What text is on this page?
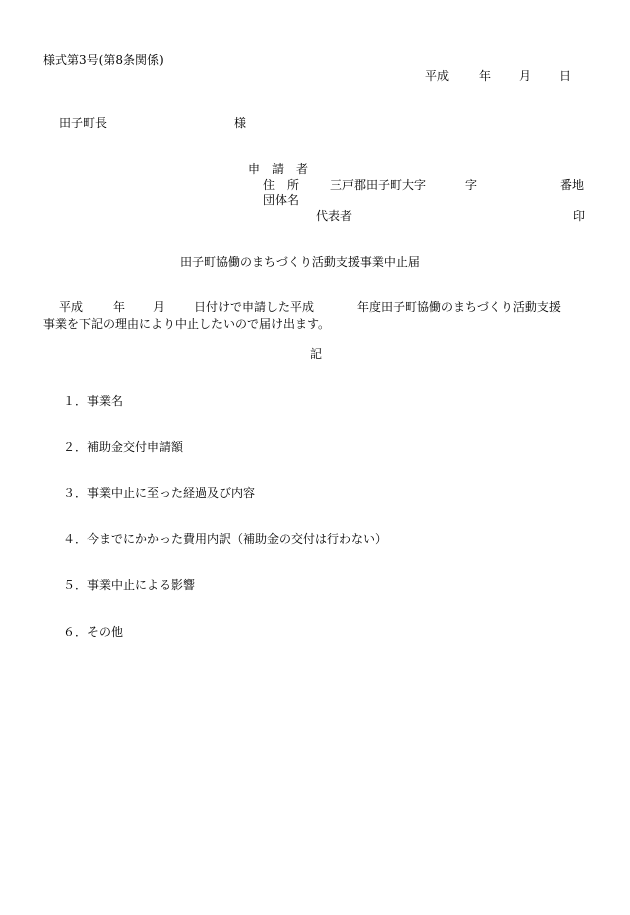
様式第3号(第8条関係)
平成 年 月 日
田子町長	様
申　請　者
住　所	三戸郡田子町大字	字	番地
団体名
代表者	印
田子町協働のまちづくり活動支援事業中止届
平成 年 月 日付けで申請した平成	年度田子町協働のまちづくり活動支援
事業を下記の理由により中止したいので届け出ます。
記
１．事業名
２．補助金交付申請額
３．事業中止に至った経過及び内容
４．今までにかかった費用内訳（補助金の交付は行わない）
５．事業中止による影響
６．その他
